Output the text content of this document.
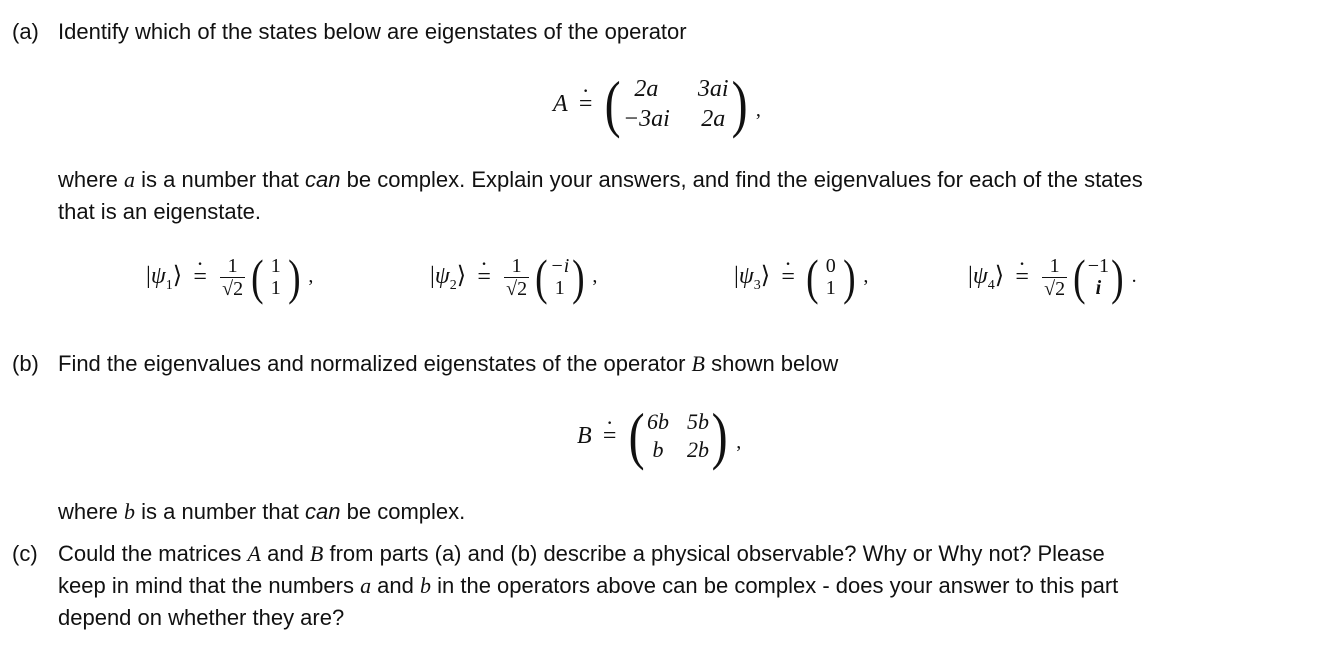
(a) Identify which of the states below are eigenstates of the operator
A · = ( 2a	3ai
−3ai 2a ) ,
where a is a number that can be complex. Explain your answers, and find the eigenvalues for each of the states
that is an eigenstate.
$|\psi_1⟩$ · = $\frac{1}{√2}$ ( 1
1 ) ,	$|\psi_2⟩$ · = $\frac{1}{√2}$ ( −i
1 ) ,	$|\psi_3⟩$ · = ( 0
1 ) ,	$|\psi_4⟩$ · = $\frac{1}{√2}$ ( −1
i ) .
(b) Find the eigenvalues and normalized eigenstates of the operator B shown below
B · = ( 6b 5b
b 2b ) ,
where b is a number that can be complex.
(c) Could the matrices A and B from parts (a) and (b) describe a physical observable? Why or Why not? Please
keep in mind that the numbers a and b in the operators above can be complex - does your answer to this part
depend on whether they are?
